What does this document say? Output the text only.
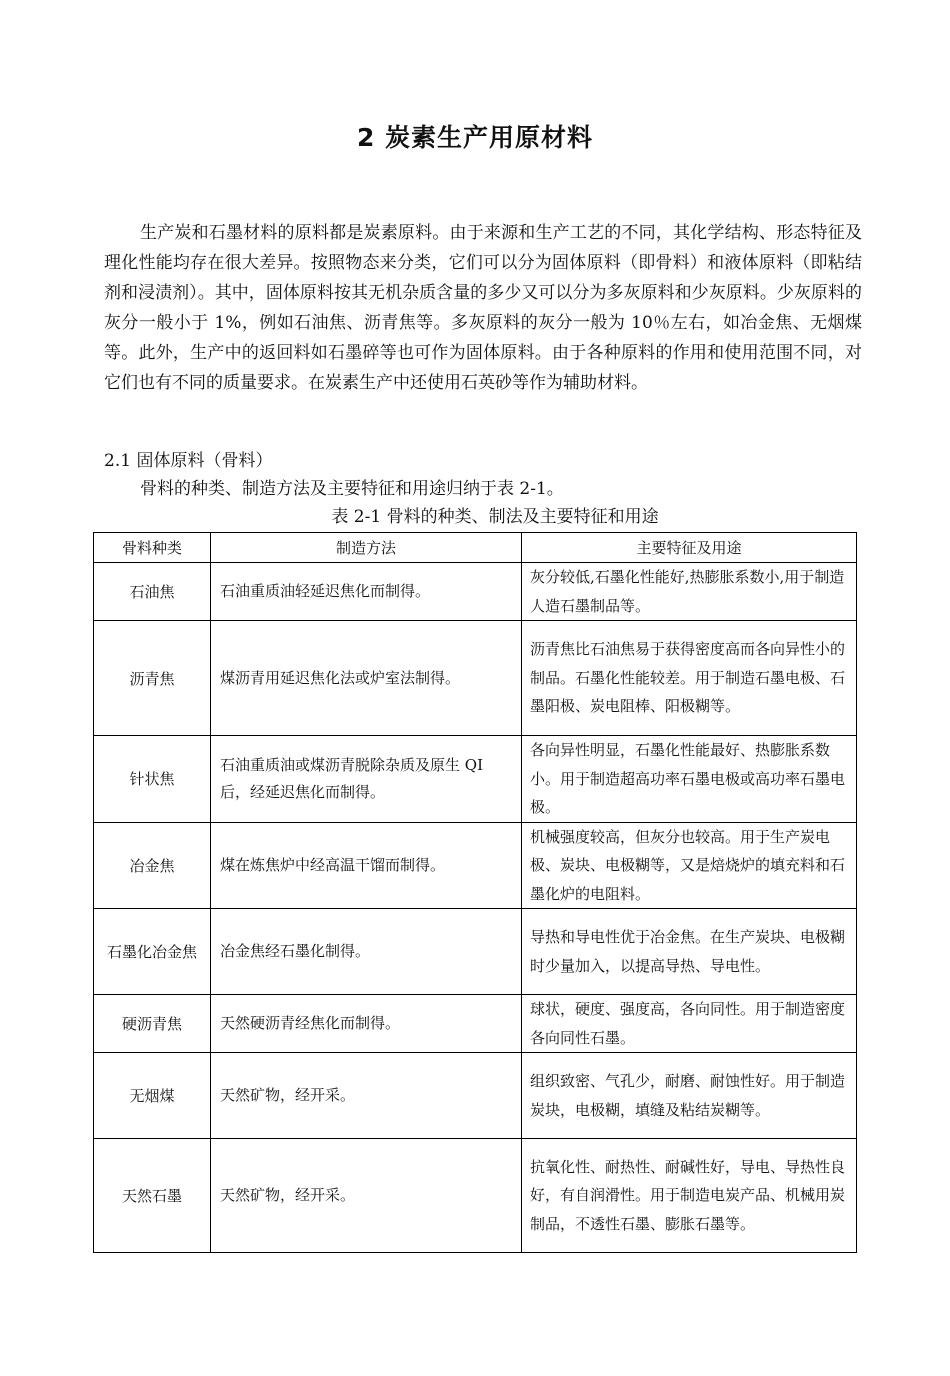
2 炭素生产用原材料

生产炭和石墨材料的原料都是炭素原料。由于来源和生产工艺的不同，其化学结构、形态特征及理化性能均存在很大差异。按照物态来分类，它们可以分为固体原料（即骨料）和液体原料（即粘结剂和浸渍剂）。其中，固体原料按其无机杂质含量的多少又可以分为多灰原料和少灰原料。少灰原料的灰分一般小于 1%，例如石油焦、沥青焦等。多灰原料的灰分一般为 10％左右，如冶金焦、无烟煤等。此外，生产中的返回料如石墨碎等也可作为固体原料。由于各种原料的作用和使用范围不同，对它们也有不同的质量要求。在炭素生产中还使用石英砂等作为辅助材料。

2.1 固体原料（骨料）

骨料的种类、制造方法及主要特征和用途归纳于表 2-1。

表 2-1 骨料的种类、制法及主要特征和用途
骨料种类	制造方法	主要特征及用途
石油焦	石油重质油轻延迟焦化而制得。	灰分较低,石墨化性能好,热膨胀系数小,用于制造人造石墨制品等。
沥青焦	煤沥青用延迟焦化法或炉室法制得。	沥青焦比石油焦易于获得密度高而各向异性小的制品。石墨化性能较差。用于制造石墨电极、石墨阳极、炭电阻棒、阳极糊等。
针状焦	石油重质油或煤沥青脱除杂质及原生 QI 后，经延迟焦化而制得。	各向异性明显，石墨化性能最好、热膨胀系数小。用于制造超高功率石墨电极或高功率石墨电极。
冶金焦	煤在炼焦炉中经高温干馏而制得。	机械强度较高，但灰分也较高。用于生产炭电极、炭块、电极糊等，又是焙烧炉的填充料和石墨化炉的电阻料。
石墨化冶金焦	冶金焦经石墨化制得。	导热和导电性优于冶金焦。在生产炭块、电极糊时少量加入，以提高导热、导电性。
硬沥青焦	天然硬沥青经焦化而制得。	球状，硬度、强度高，各向同性。用于制造密度各向同性石墨。
无烟煤	天然矿物，经开采。	组织致密、气孔少，耐磨、耐蚀性好。用于制造炭块，电极糊，填缝及粘结炭糊等。
天然石墨	天然矿物，经开采。	抗氧化性、耐热性、耐碱性好，导电、导热性良好，有自润滑性。用于制造电炭产品、机械用炭制品，不透性石墨、膨胀石墨等。
